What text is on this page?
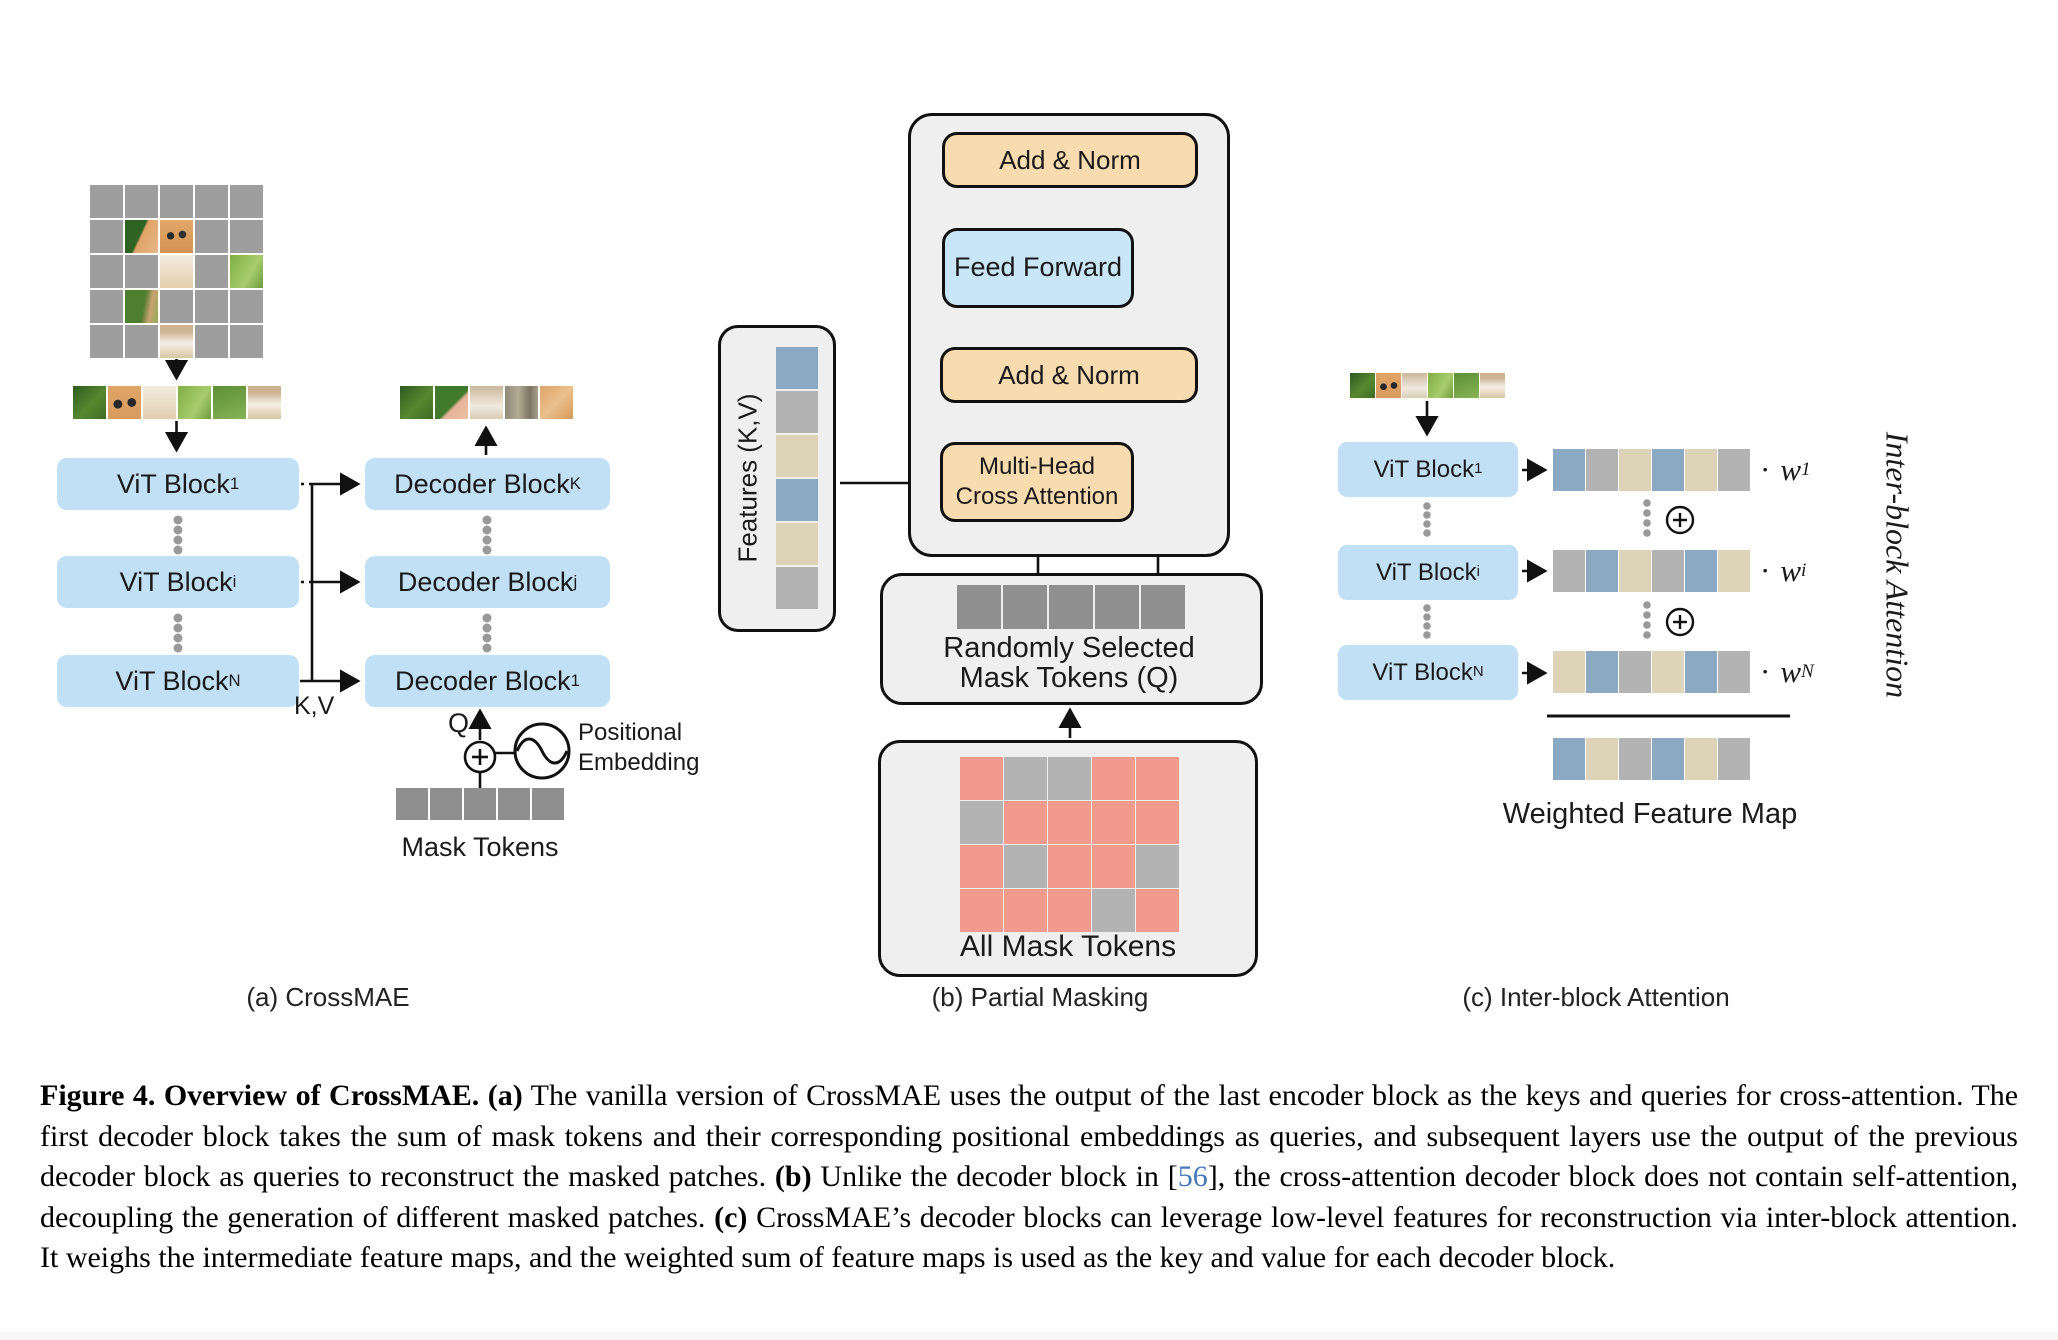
ViT Block 1
ViT Block i
ViT Block N
Decoder Block K
Decoder Block j
Decoder Block 1
K,V
Q	Positional
Embedding
Mask Tokens
(a) CrossMAE
Features (K,V)
Add & Norm
Feed Forward
Add & Norm
Multi-Head
Cross Attention
Randomly Selected
Mask Tokens (Q)
All Mask Tokens
(b) Partial Masking
ViT Block 1
ViT Block i
ViT Block N
· w 1
· w i
· w N
Weighted Feature Map
Inter-block Attention
(c) Inter-block Attention

Figure 4. Overview of CrossMAE. (a) The vanilla version of CrossMAE uses the output of the last encoder block as the keys and queries for cross-attention. The first decoder block takes the sum of mask tokens and their corresponding positional embeddings as queries, and subsequent layers use the output of the previous decoder block as queries to reconstruct the masked patches. (b) Unlike the decoder block in [56], the cross-attention decoder block does not contain self-attention, decoupling the generation of different masked patches. (c) CrossMAE’s decoder blocks can leverage low-level features for reconstruction via inter-block attention. It weighs the intermediate feature maps, and the weighted sum of feature maps is used as the key and value for each decoder block.
